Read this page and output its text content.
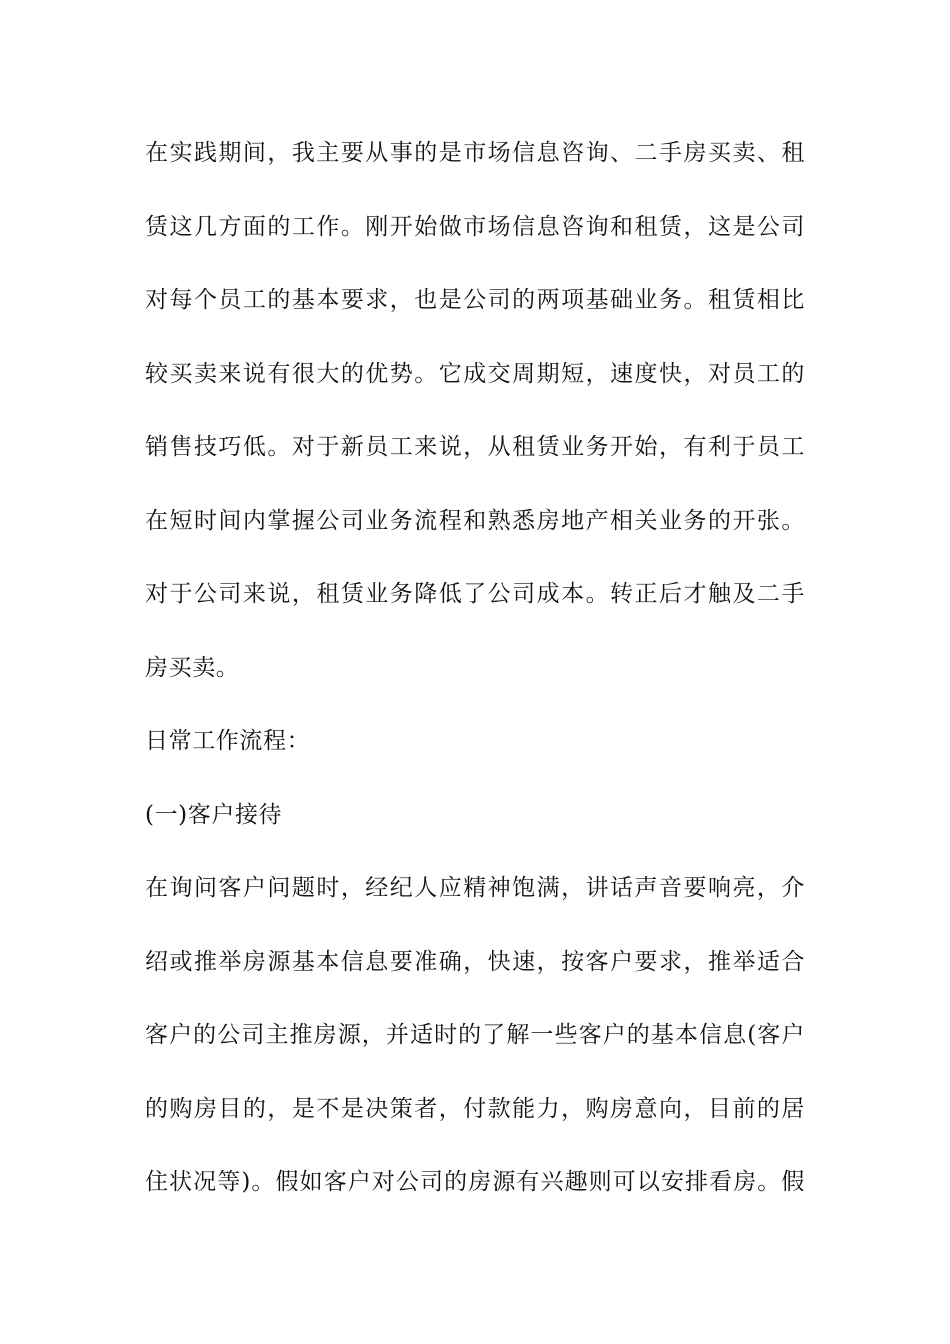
在实践期间，我主要从事的是市场信息咨询、二手房买卖、租
赁这几方面的工作。刚开始做市场信息咨询和租赁，这是公司
对每个员工的基本要求，也是公司的两项基础业务。租赁相比
较买卖来说有很大的优势。它成交周期短，速度快，对员工的
销售技巧低。对于新员工来说，从租赁业务开始，有利于员工
在短时间内掌握公司业务流程和熟悉房地产相关业务的开张。
对于公司来说，租赁业务降低了公司成本。转正后才触及二手
房买卖。
日常工作流程：
(一)客户接待
在询问客户问题时，经纪人应精神饱满，讲话声音要响亮，介
绍或推举房源基本信息要准确，快速，按客户要求，推举适合
客户的公司主推房源，并适时的了解一些客户的基本信息(客户
的购房目的，是不是决策者，付款能力，购房意向，目前的居
住状况等)。假如客户对公司的房源有兴趣则可以安排看房。假
